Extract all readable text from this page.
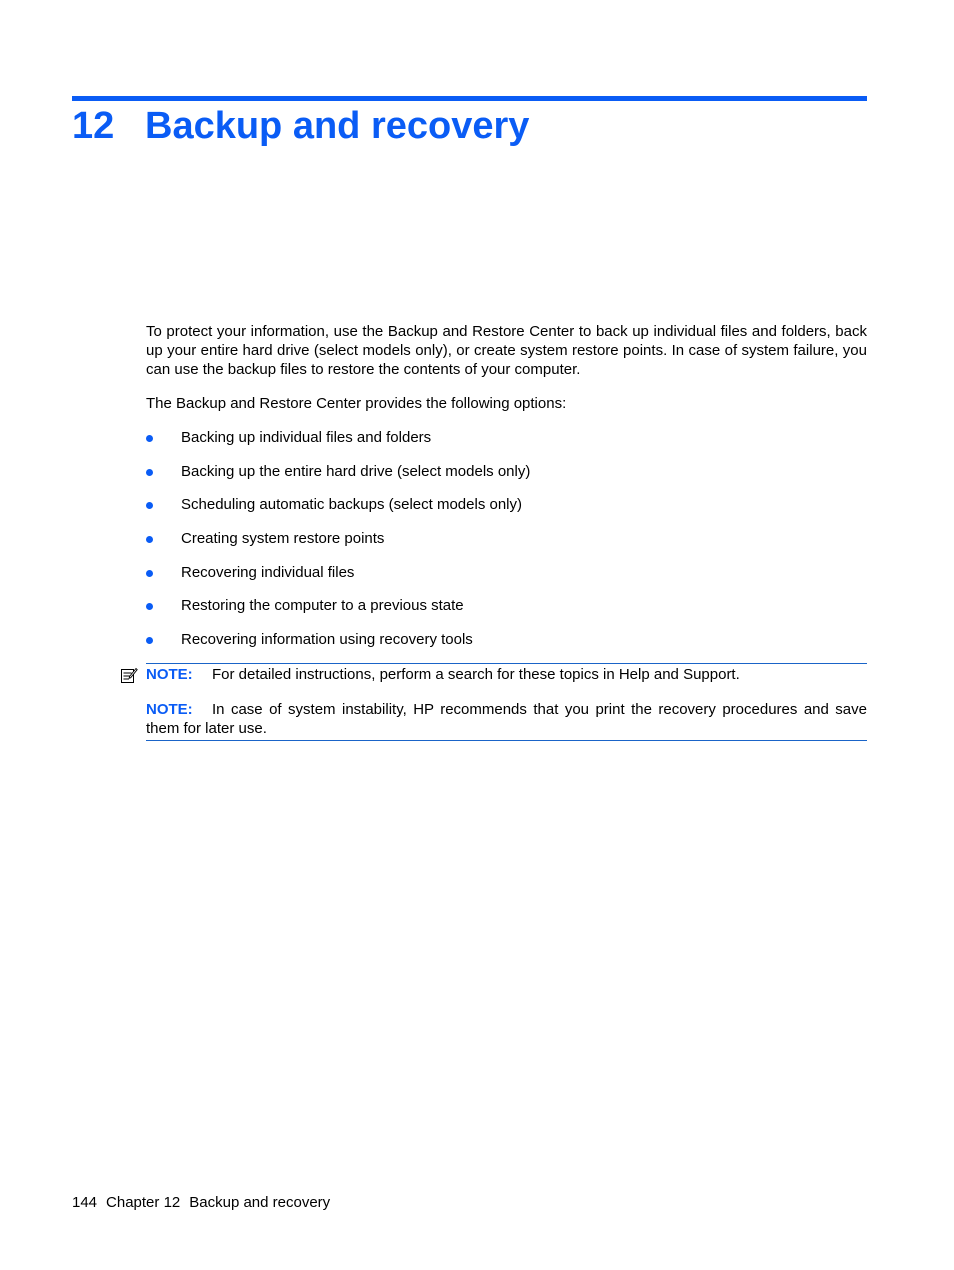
12 Backup and recovery

To protect your information, use the Backup and Restore Center to back up individual files and folders, back up your entire hard drive (select models only), or create system restore points. In case of system failure, you can use the backup files to restore the contents of your computer.

The Backup and Restore Center provides the following options:

Backing up individual files and folders
Backing up the entire hard drive (select models only)
Scheduling automatic backups (select models only)
Creating system restore points
Recovering individual files
Restoring the computer to a previous state
Recovering information using recovery tools

NOTE: For detailed instructions, perform a search for these topics in Help and Support.

NOTE: In case of system instability, HP recommends that you print the recovery procedures and save them for later use.

144 Chapter 12 Backup and recovery
